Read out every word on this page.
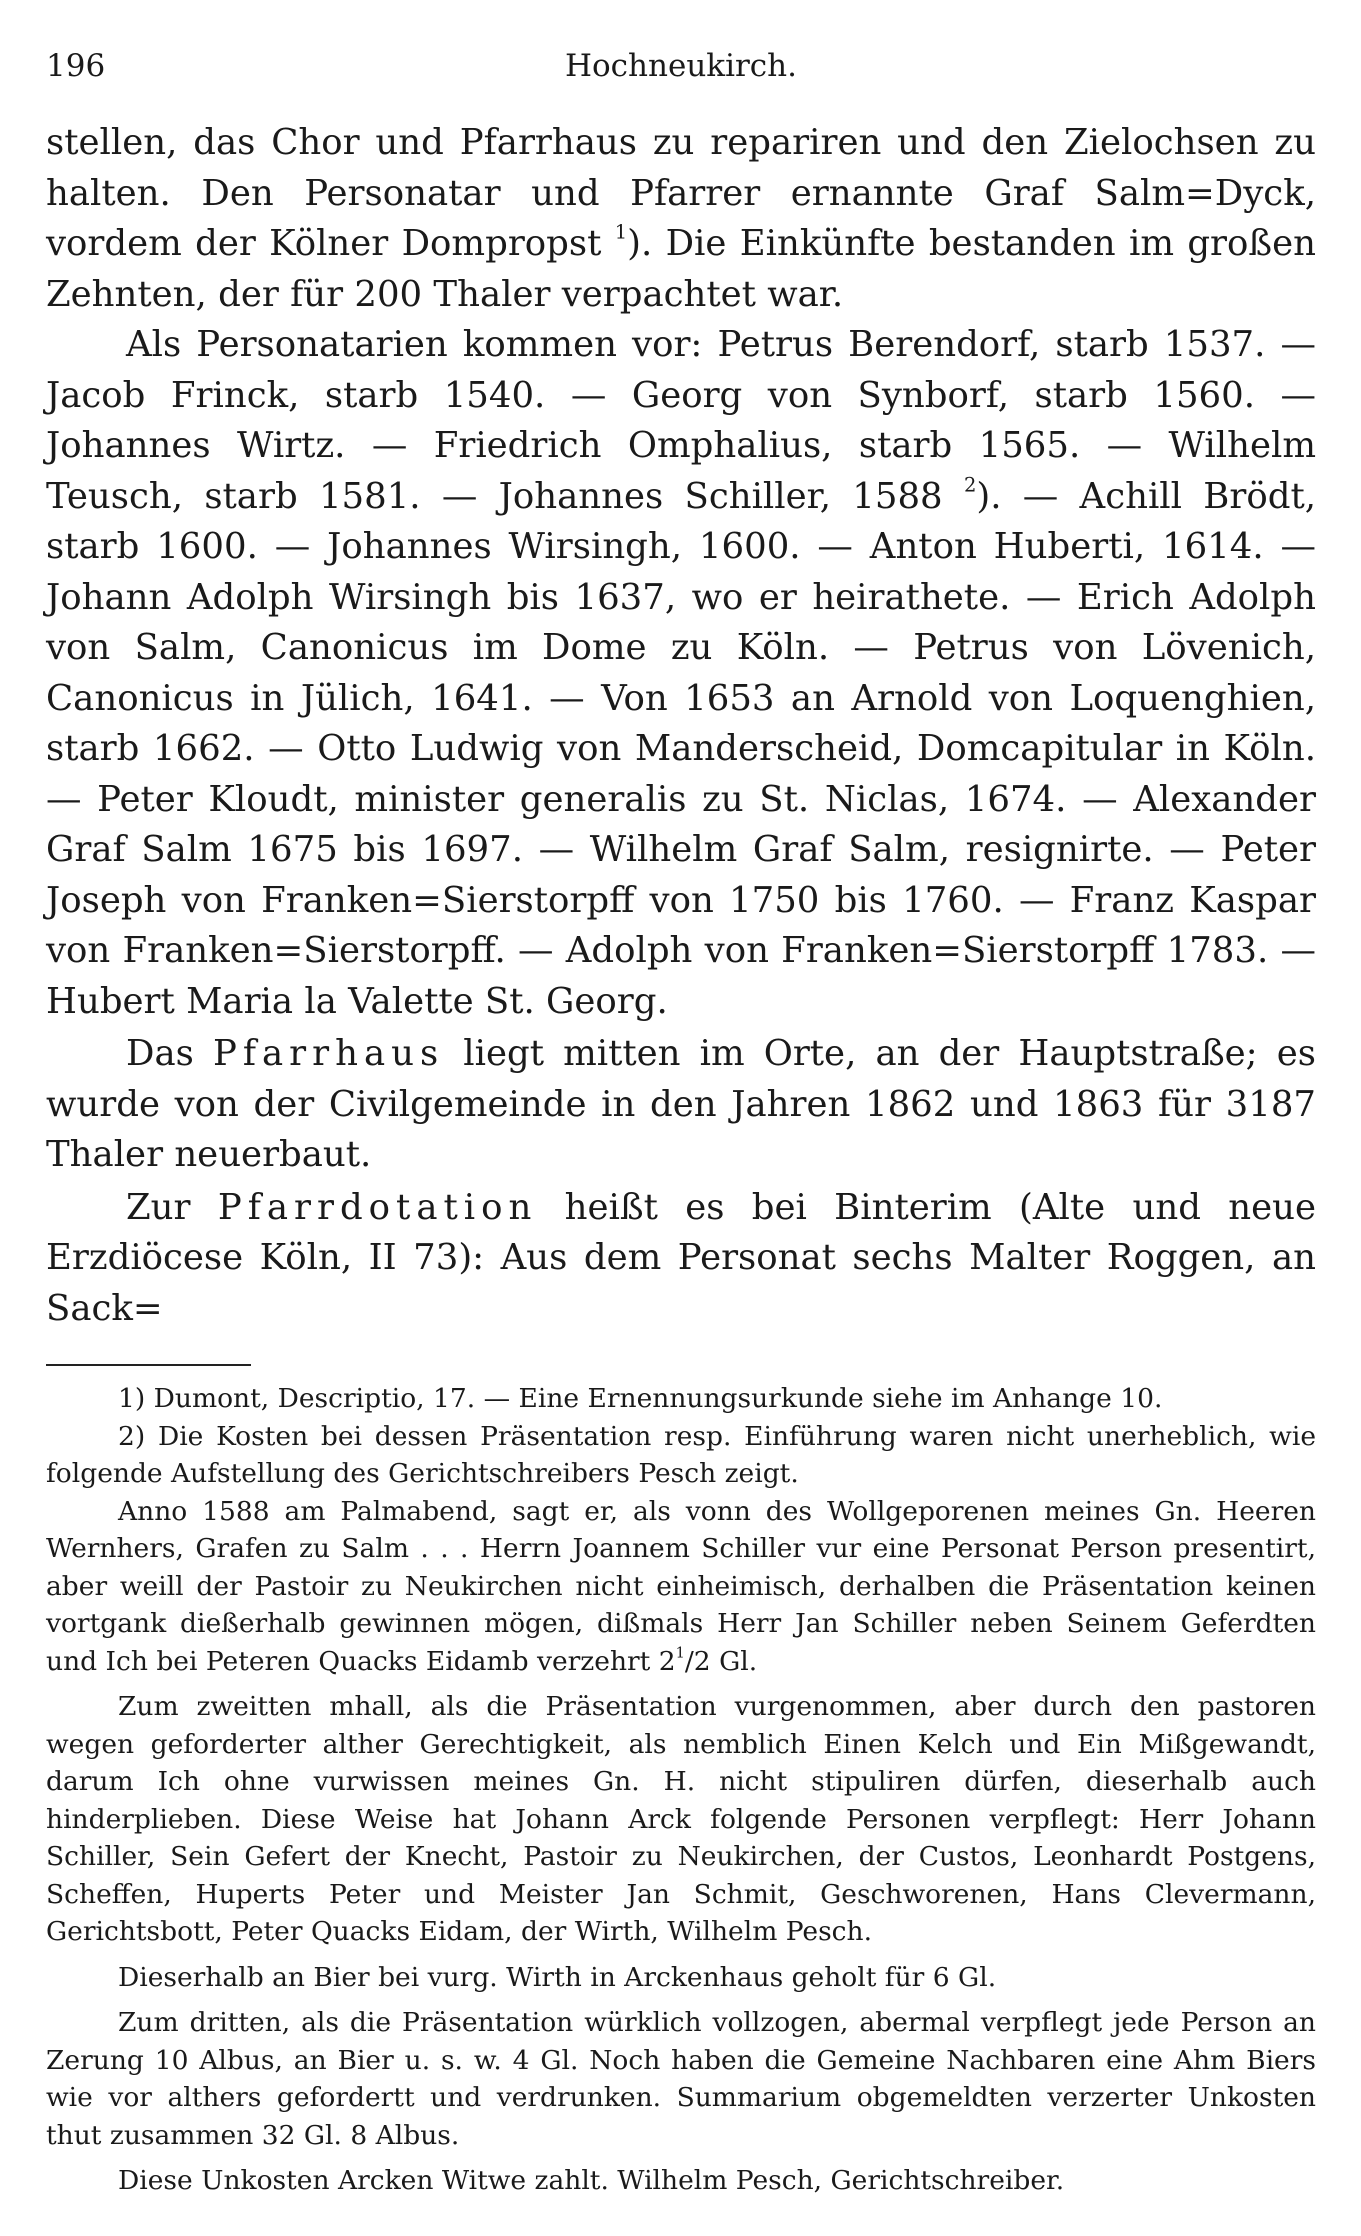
196	Hochneukirch.

stellen, das Chor und Pfarrhaus zu repariren und den Zielochsen zu halten. Den Personatar und Pfarrer ernannte Graf Salm=Dyck, vordem der Kölner Dompropst $^1$). Die Einkünfte bestanden im großen Zehnten, der für 200 Thaler verpachtet war.

Als Personatarien kommen vor: Petrus Berendorf, starb 1537. — Jacob Frinck, starb 1540. — Georg von Synborf, starb 1560. — Johannes Wirtz. — Friedrich Omphalius, starb 1565. — Wilhelm Teusch, starb 1581. — Johannes Schiller, 1588 $^2$). — Achill Brödt, starb 1600. — Johannes Wirsingh, 1600. — Anton Huberti, 1614. — Johann Adolph Wirsingh bis 1637, wo er heirathete. — Erich Adolph von Salm, Canonicus im Dome zu Köln. — Petrus von Lövenich, Canonicus in Jülich, 1641. — Von 1653 an Arnold von Loquenghien, starb 1662. — Otto Ludwig von Manderscheid, Domcapitular in Köln. — Peter Kloudt, minister generalis zu St. Niclas, 1674. — Alexander Graf Salm 1675 bis 1697. — Wilhelm Graf Salm, resignirte. — Peter Joseph von Franken=Sierstorpff von 1750 bis 1760. — Franz Kaspar von Franken=Sierstorpff. — Adolph von Franken=Sierstorpff 1783. — Hubert Maria la Valette St. Georg.

Das Pfarrhaus liegt mitten im Orte, an der Hauptstraße; es wurde von der Civilgemeinde in den Jahren 1862 und 1863 für 3187 Thaler neuerbaut.

Zur Pfarrdotation heißt es bei Binterim (Alte und neue Erzdiöcese Köln, II 73): Aus dem Personat sechs Malter Roggen, an Sack=

1) Dumont, Descriptio, 17. — Eine Ernennungsurkunde siehe im Anhange 10.

2) Die Kosten bei dessen Präsentation resp. Einführung waren nicht unerheblich, wie folgende Aufstellung des Gerichtschreibers Pesch zeigt.

Anno 1588 am Palmabend, sagt er, als vonn des Wollgeporenen meines Gn. Heeren Wernhers, Grafen zu Salm . . . Herrn Joannem Schiller vur eine Personat Person presentirt, aber weill der Pastoir zu Neukirchen nicht einheimisch, derhalben die Präsentation keinen vortgank dießerhalb gewinnen mögen, dißmals Herr Jan Schiller neben Seinem Geferdten und Ich bei Peteren Quacks Eidamb verzehrt $2^1/2$ Gl.

Zum zweitten mhall, als die Präsentation vurgenommen, aber durch den pastoren wegen geforderter alther Gerechtigkeit, als nemblich Einen Kelch und Ein Mißgewandt, darum Ich ohne vurwissen meines Gn. H. nicht stipuliren dürfen, dieserhalb auch hinderplieben. Diese Weise hat Johann Arck folgende Personen verpflegt: Herr Johann Schiller, Sein Gefert der Knecht, Pastoir zu Neukirchen, der Custos, Leonhardt Postgens, Scheffen, Huperts Peter und Meister Jan Schmit, Geschworenen, Hans Clevermann, Gerichtsbott, Peter Quacks Eidam, der Wirth, Wilhelm Pesch.

Dieserhalb an Bier bei vurg. Wirth in Arckenhaus geholt für 6 Gl.

Zum dritten, als die Präsentation würklich vollzogen, abermal verpflegt jede Person an Zerung 10 Albus, an Bier u. s. w. 4 Gl. Noch haben die Gemeine Nachbaren eine Ahm Biers wie vor althers gefordertt und verdrunken. Summarium obgemeldten verzerter Unkosten thut zusammen 32 Gl. 8 Albus.

Diese Unkosten Arcken Witwe zahlt. Wilhelm Pesch, Gerichtschreiber.
